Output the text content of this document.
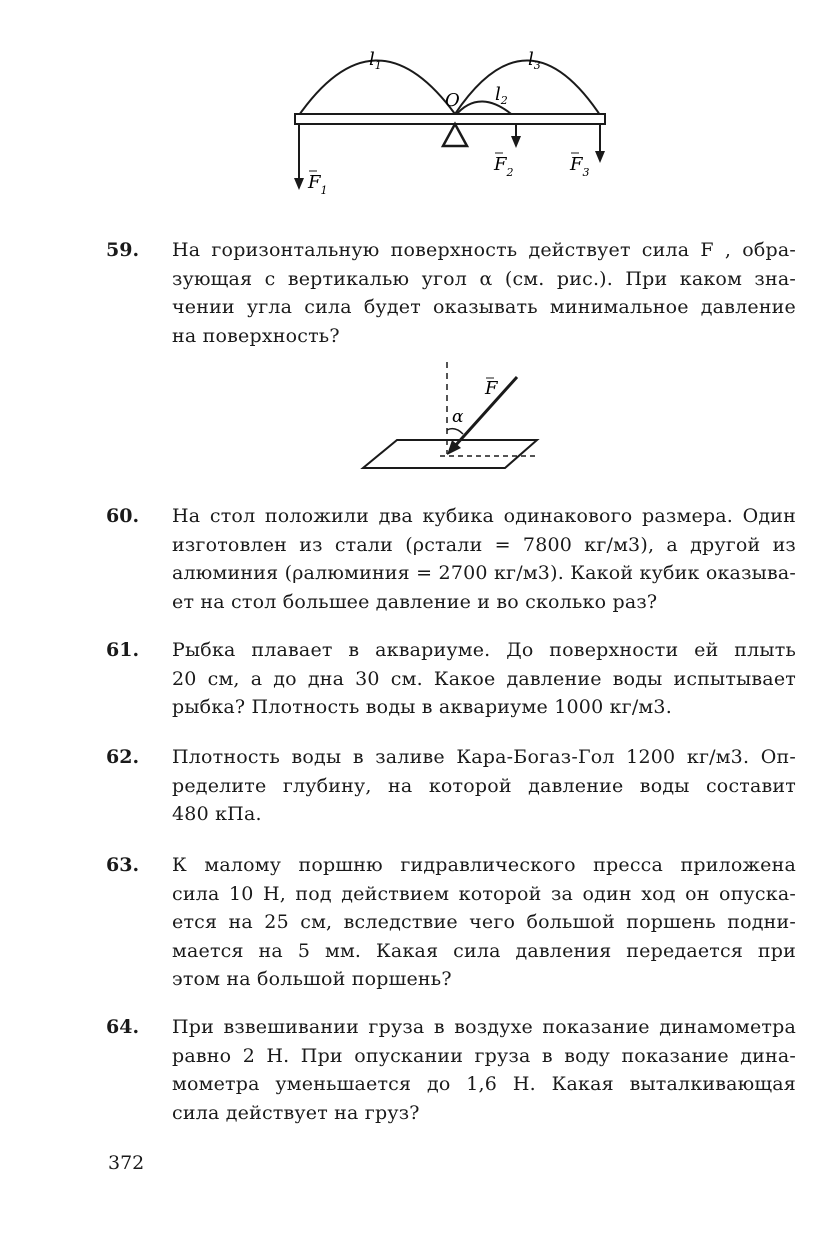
$l_1$	$l_3$
$l_2$
O
$F_1$
$F_2$	$F_3$
59. На горизонтальную поверхность действует сила F , обра-
зующая с вертикалью угол α (см. рис.). При каком зна-
чении угла сила будет оказывать минимальное давление
на поверхность?
F
α
60. На стол положили два кубика одинакового размера. Один
изготовлен из стали (ρстали = 7800 кг/м3), а другой из
алюминия (ρалюминия = 2700 кг/м3). Какой кубик оказыва-
ет на стол большее давление и во сколько раз?
61. Рыбка плавает в аквариуме. До поверхности ей плыть
20 см, а до дна 30 см. Какое давление воды испытывает
рыбка? Плотность воды в аквариуме 1000 кг/м3.
62. Плотность воды в заливе Кара-Богаз-Гол 1200 кг/м3. Оп-
ределите глубину, на которой давление воды составит
480 кПа.
63. К малому поршню гидравлического пресса приложена
сила 10 Н, под действием которой за один ход он опуска-
ется на 25 см, вследствие чего большой поршень подни-
мается на 5 мм. Какая сила давления передается при
этом на большой поршень?
64. При взвешивании груза в воздухе показание динамометра
равно 2 Н. При опускании груза в воду показание дина-
мометра уменьшается до 1,6 Н. Какая выталкивающая
сила действует на груз?
372
